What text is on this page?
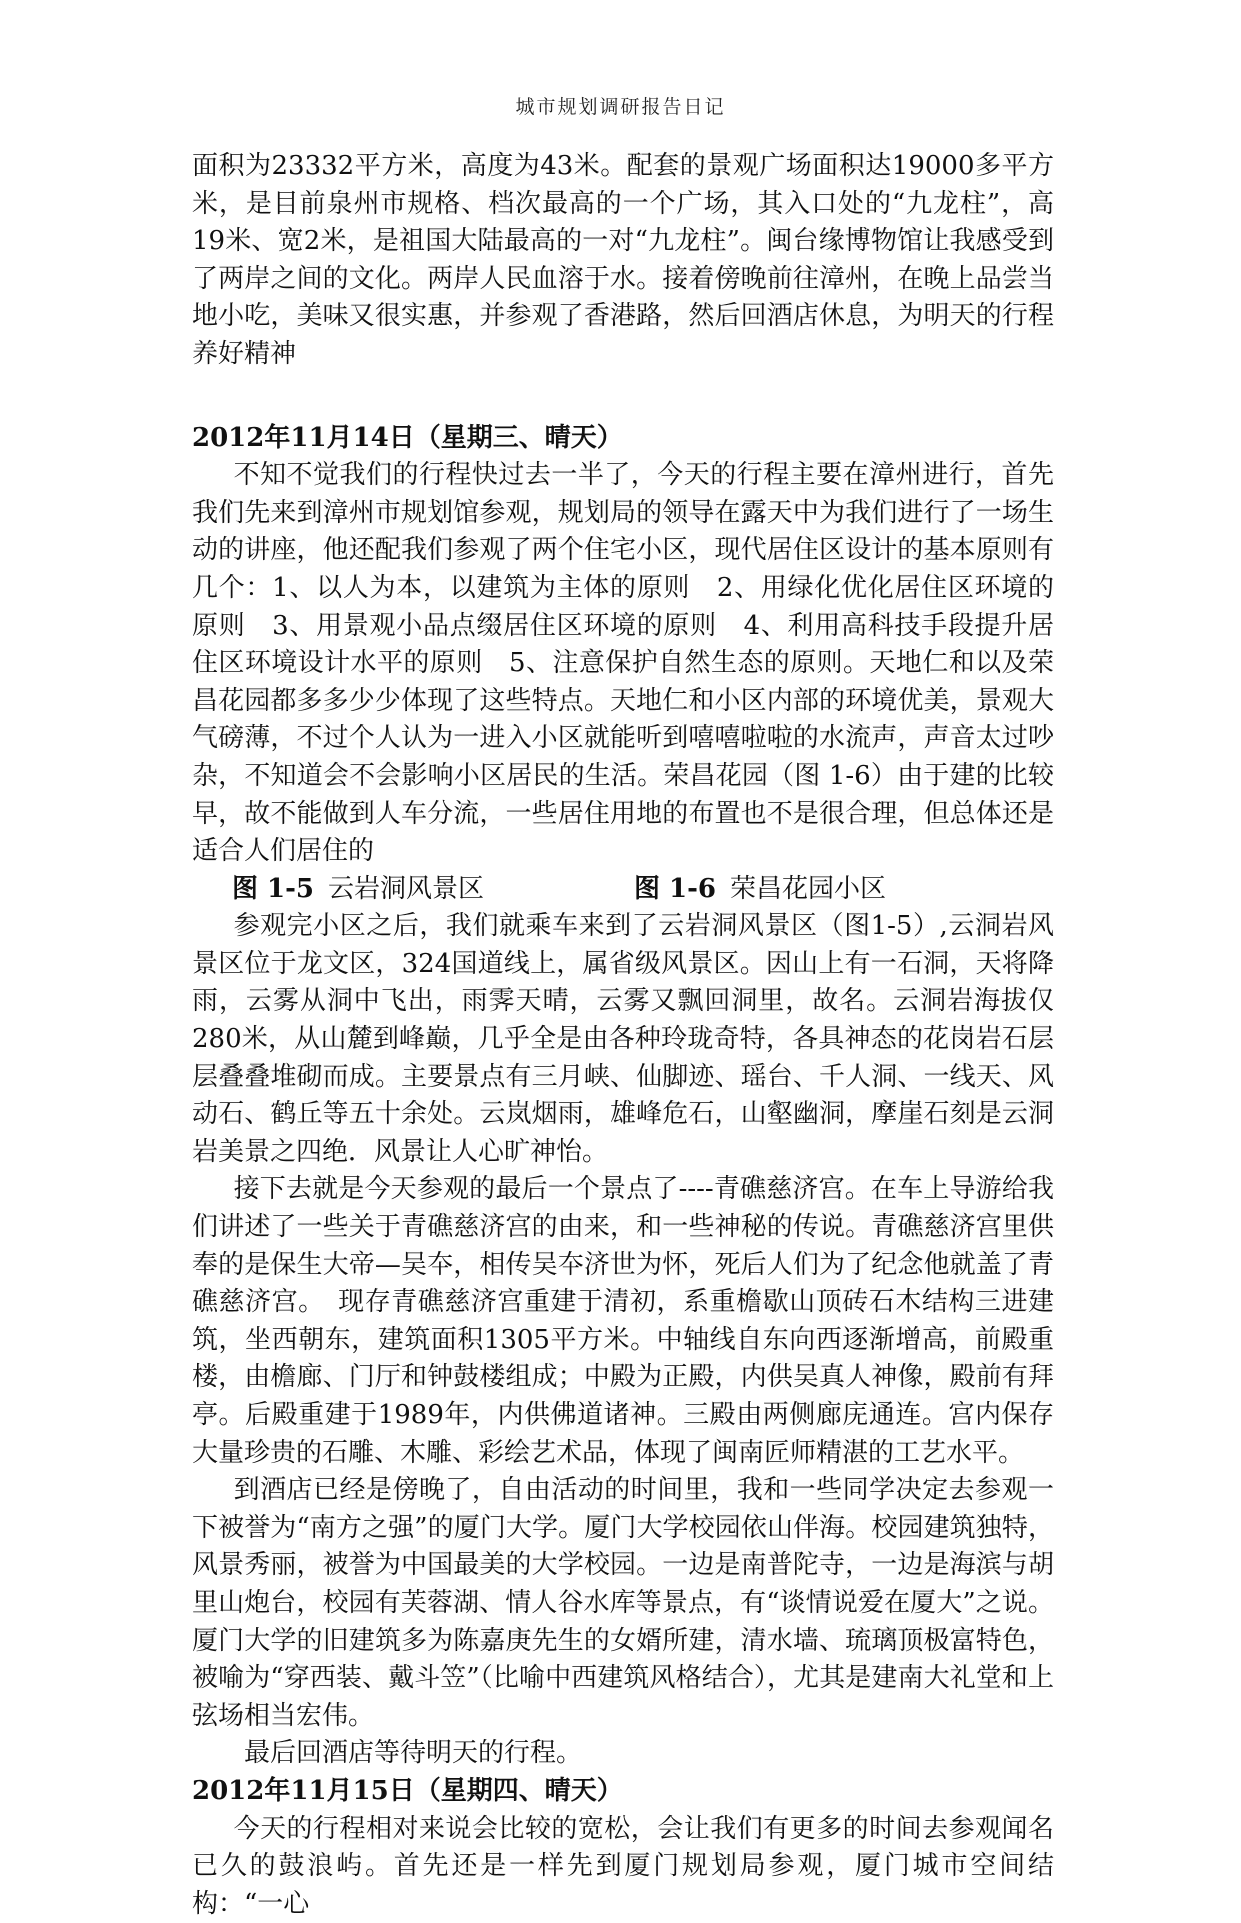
城市规划调研报告日记

面积为23332平方米，高度为43米。配套的景观广场面积达19000多平方米，是目前泉州市规格、档次最高的一个广场，其入口处的“九龙柱”，高19米、宽2米，是祖国大陆最高的一对“九龙柱”。闽台缘博物馆让我感受到了两岸之间的文化。两岸人民血溶于水。接着傍晚前往漳州，在晚上品尝当地小吃，美味又很实惠，并参观了香港路，然后回酒店休息，为明天的行程养好精神

2012年11月14日（星期三、晴天）

不知不觉我们的行程快过去一半了，今天的行程主要在漳州进行，首先我们先来到漳州市规划馆参观，规划局的领导在露天中为我们进行了一场生动的讲座，他还配我们参观了两个住宅小区，现代居住区设计的基本原则有几个：1、以人为本，以建筑为主体的原则　2、用绿化优化居住区环境的原则　3、用景观小品点缀居住区环境的原则　4、利用高科技手段提升居住区环境设计水平的原则　5、注意保护自然生态的原则。天地仁和以及荣昌花园都多多少少体现了这些特点。天地仁和小区内部的环境优美，景观大气磅薄，不过个人认为一进入小区就能听到嘻嘻啦啦的水流声，声音太过吵杂，不知道会不会影响小区居民的生活。荣昌花园（图 1-6）由于建的比较早，故不能做到人车分流，一些居住用地的布置也不是很合理，但总体还是适合人们居住的

图 1-5 云岩洞风景区	图 1-6 荣昌花园小区

参观完小区之后，我们就乘车来到了云岩洞风景区（图1-5）,云洞岩风景区位于龙文区，324国道线上，属省级风景区。因山上有一石洞，天将降雨，云雾从洞中飞出，雨霁天晴，云雾又飘回洞里，故名。云洞岩海拔仅280米，从山麓到峰巅，几乎全是由各种玲珑奇特，各具神态的花岗岩石层层叠叠堆砌而成。主要景点有三月峡、仙脚迹、瑶台、千人洞、一线天、风动石、鹤丘等五十余处。云岚烟雨，雄峰危石，山壑幽洞，摩崖石刻是云洞岩美景之四绝．风景让人心旷神怡。

接下去就是今天参观的最后一个景点了----青礁慈济宫。在车上导游给我们讲述了一些关于青礁慈济宫的由来，和一些神秘的传说。青礁慈济宫里供奉的是保生大帝—吴夲，相传吴夲济世为怀，死后人们为了纪念他就盖了青礁慈济宫。　现存青礁慈济宫重建于清初，系重檐歇山顶砖石木结构三进建筑，坐西朝东，建筑面积1305平方米。中轴线自东向西逐渐增高，前殿重楼，由檐廊、门厅和钟鼓楼组成；中殿为正殿，内供吴真人神像，殿前有拜亭。后殿重建于1989年，内供佛道诸神。三殿由两侧廊庑通连。宫内保存大量珍贵的石雕、木雕、彩绘艺术品，体现了闽南匠师精湛的工艺水平。

到酒店已经是傍晚了，自由活动的时间里，我和一些同学决定去参观一下被誉为“南方之强”的厦门大学。厦门大学校园依山伴海。校园建筑独特，风景秀丽，被誉为中国最美的大学校园。一边是南普陀寺，一边是海滨与胡里山炮台，校园有芙蓉湖、情人谷水库等景点，有“谈情说爱在厦大”之说。厦门大学的旧建筑多为陈嘉庚先生的女婿所建，清水墙、琉璃顶极富特色，被喻为“穿西装、戴斗笠”（比喻中西建筑风格结合），尤其是建南大礼堂和上弦场相当宏伟。

最后回酒店等待明天的行程。

2012年11月15日（星期四、晴天）

今天的行程相对来说会比较的宽松，会让我们有更多的时间去参观闻名已久的鼓浪屿。首先还是一样先到厦门规划局参观，厦门城市空间结构：“一心
